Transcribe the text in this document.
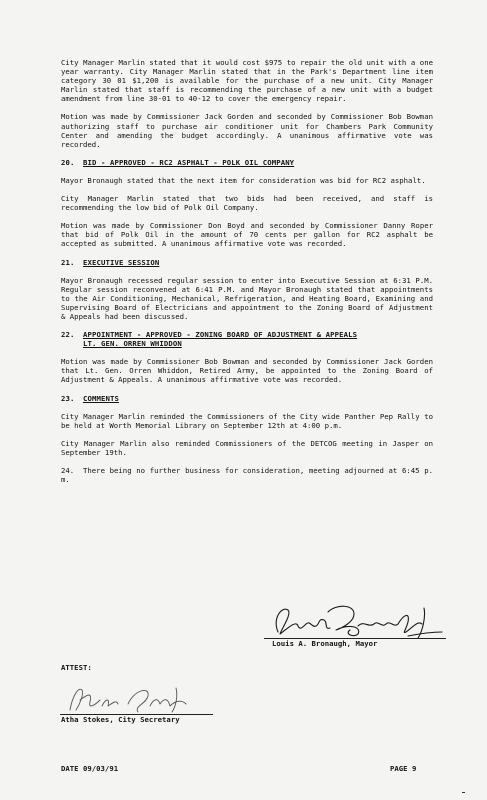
City Manager Marlin stated that it would cost $975 to repair the old unit with a one year warranty. City Manager Marlin stated that in the Park's Department line item category 30 01 $1,200 is available for the purchase of a new unit. City Manager Marlin stated that staff is recommending the purchase of a new unit with a budget amendment from line 30-01 to 40-12 to cover the emergency repair.

Motion was made by Commissioner Jack Gorden and seconded by Commissioner Bob Bowman authorizing staff to purchase air conditioner unit for Chambers Park Community Center and amending the budget accordingly. A unanimous affirmative vote was recorded.

20. BID - APPROVED - RC2 ASPHALT - POLK OIL COMPANY

Mayor Bronaugh stated that the next item for consideration was bid for RC2 asphalt.

City Manager Marlin stated that two bids had been received, and staff is recommending the low bid of Polk Oil Company.

Motion was made by Commissioner Don Boyd and seconded by Commissioner Danny Roper that bid of Polk Oil in the amount of 70 cents per gallon for RC2 asphalt be accepted as submitted. A unanimous affirmative vote was recorded.

21. EXECUTIVE SESSION

Mayor Bronaugh recessed regular session to enter into Executive Session at 6:31 P.M. Regular session reconvened at 6:41 P.M. and Mayor Bronaugh stated that appointments to the Air Conditioning, Mechanical, Refrigeration, and Heating Board, Examining and Supervising Board of Electricians and appointment to the Zoning Board of Adjustment & Appeals had been discussed.

22. APPOINTMENT - APPROVED - ZONING BOARD OF ADJUSTMENT & APPEALS
LT. GEN. ORREN WHIDDON

Motion was made by Commissioner Bob Bowman and seconded by Commissioner Jack Gorden that Lt. Gen. Orren Whiddon, Retired Army, be appointed to the Zoning Board of Adjustment & Appeals. A unanimous affirmative vote was recorded.

23. COMMENTS

City Manager Marlin reminded the Commissioners of the City wide Panther Pep Rally to be held at Worth Memorial Library on September 12th at 4:00 p.m.

City Manager Marlin also reminded Commissioners of the DETCOG meeting in Jasper on September 19th.

24. There being no further business for consideration, meeting adjourned at 6:45 p. m.

Louis A. Bronaugh, Mayor
ATTEST:
Atha Stokes, City Secretary
DATE 09/03/91	PAGE 9
